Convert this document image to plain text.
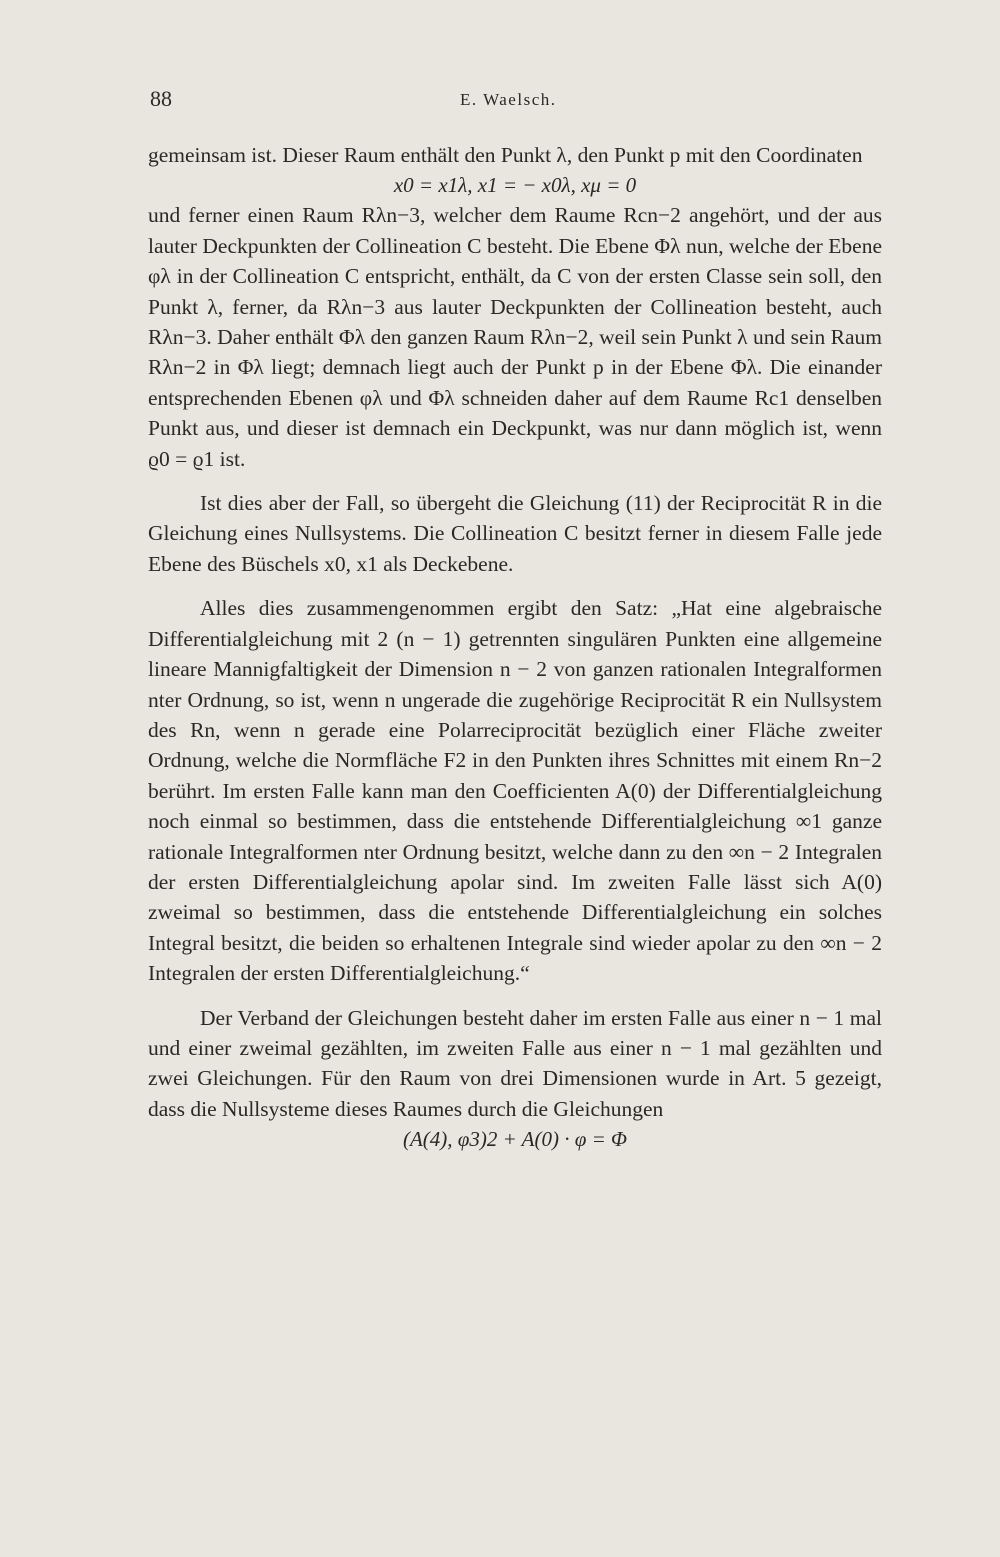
88	E. Waelsch.

gemeinsam ist. Dieser Raum enthält den Punkt λ, den Punkt p mit den Coordinaten

x0 = x1λ, x1 = − x0λ, xμ = 0

und ferner einen Raum Rλn−3, welcher dem Raume Rcn−2 angehört, und der aus lauter Deckpunkten der Collineation C besteht. Die Ebene Φλ nun, welche der Ebene φλ in der Collineation C entspricht, enthält, da C von der ersten Classe sein soll, den Punkt λ, ferner, da Rλn−3 aus lauter Deckpunkten der Collineation besteht, auch Rλn−3. Daher enthält Φλ den ganzen Raum Rλn−2, weil sein Punkt λ und sein Raum Rλn−2 in Φλ liegt; demnach liegt auch der Punkt p in der Ebene Φλ. Die einander entsprechenden Ebenen φλ und Φλ schneiden daher auf dem Raume Rc1 denselben Punkt aus, und dieser ist demnach ein Deckpunkt, was nur dann möglich ist, wenn ϱ0 = ϱ1 ist.

Ist dies aber der Fall, so übergeht die Gleichung (11) der Reciprocität R in die Gleichung eines Nullsystems. Die Collineation C besitzt ferner in diesem Falle jede Ebene des Büschels x0, x1 als Deckebene.

Alles dies zusammengenommen ergibt den Satz: „Hat eine algebraische Differentialgleichung mit 2 (n − 1) getrennten singulären Punkten eine allgemeine lineare Mannigfaltigkeit der Dimension n − 2 von ganzen rationalen Integralformen nter Ordnung, so ist, wenn n ungerade die zugehörige Reciprocität R ein Nullsystem des Rn, wenn n gerade eine Polarreciprocität bezüglich einer Fläche zweiter Ordnung, welche die Normfläche F2 in den Punkten ihres Schnittes mit einem Rn−2 berührt. Im ersten Falle kann man den Coefficienten A(0) der Differentialgleichung noch einmal so bestimmen, dass die entstehende Differentialgleichung ∞1 ganze rationale Integralformen nter Ordnung besitzt, welche dann zu den ∞n − 2 Integralen der ersten Differentialgleichung apolar sind. Im zweiten Falle lässt sich A(0) zweimal so bestimmen, dass die entstehende Differentialgleichung ein solches Integral besitzt, die beiden so erhaltenen Integrale sind wieder apolar zu den ∞n − 2 Integralen der ersten Differentialgleichung.“

Der Verband der Gleichungen besteht daher im ersten Falle aus einer n − 1 mal und einer zweimal gezählten, im zweiten Falle aus einer n − 1 mal gezählten und zwei Gleichungen. Für den Raum von drei Dimensionen wurde in Art. 5 gezeigt, dass die Nullsysteme dieses Raumes durch die Gleichungen

(A(4), φ3)2 + A(0) · φ = Φ
